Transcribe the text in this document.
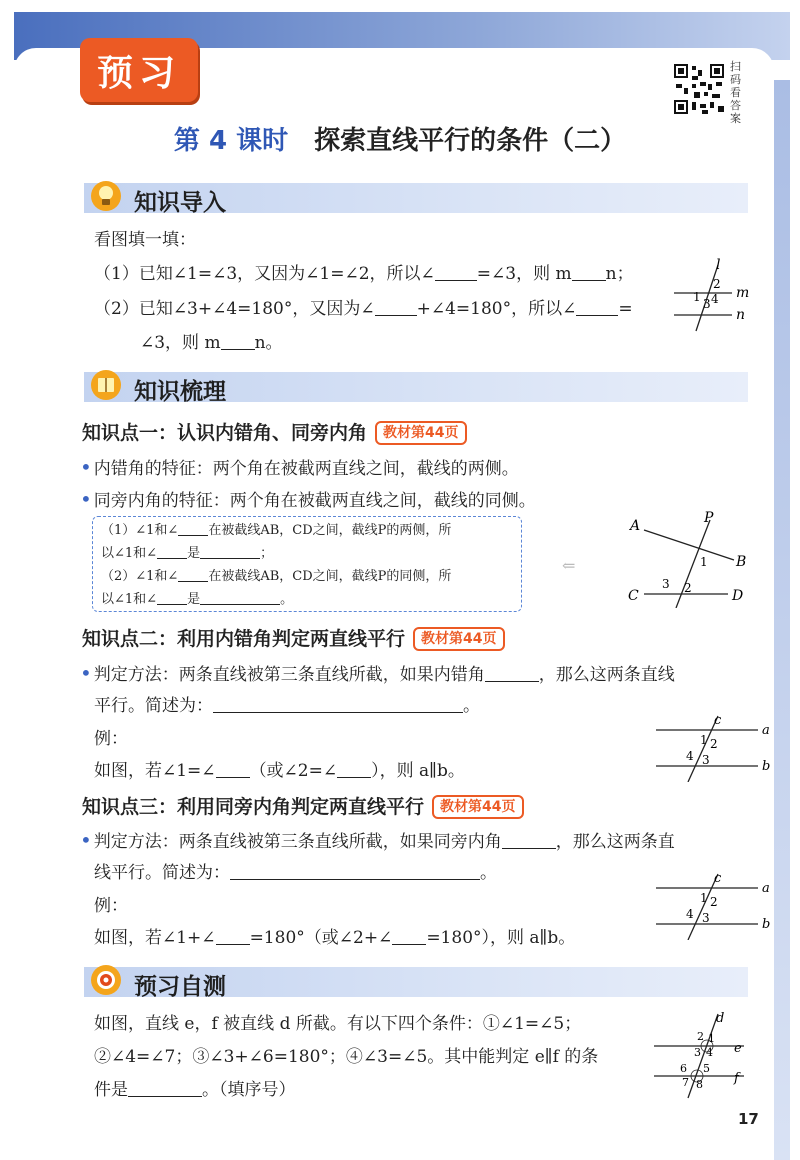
预习	扫码看答案
第 4 课时 探索直线平行的条件（二）
知识导入
看图填一填：
（1）已知∠1=∠3，又因为∠1=∠2，所以∠ =∠3，则 m n；
（2）已知∠3+∠4=180°，又因为∠ +∠4=180°，所以∠ =
∠3，则 m n。
l
m
n
2
1 3 4
知识梳理
知识点一：认识内错角、同旁内角 教材第44页
• 内错角的特征：两个角在被截两直线之间，截线的两侧。
• 同旁内角的特征：两个角在被截两直线之间，截线的同侧。
（1）∠1和∠ 在被截线AB，CD之间，截线P的两侧，所
以∠1和∠ 是	；
（2）∠1和∠ 在被截线AB，CD之间，截线P的同侧，所
以∠1和∠ 是	。
⇐
A
B
C	D
P
1
3 2
知识点二：利用内错角判定两直线平行 教材第44页
• 判定方法：两条直线被第三条直线所截，如果内错角	，那么这两条直线
平行。简述为：	。
例：
如图，若∠1=∠ （或∠2=∠ ），则 a∥b。
c
a
b
1 2
4 3
知识点三：利用同旁内角判定两直线平行 教材第44页
• 判定方法：两条直线被第三条直线所截，如果同旁内角	，那么这两条直
线平行。简述为：	。
例：
如图，若∠1+∠ =180°（或∠2+∠ =180°），则 a∥b。
c
a
b
1 2
4 3
预习自测
如图，直线 e，f 被直线 d 所截。有以下四个条件：①∠1=∠5；
②∠4=∠7；③∠3+∠6=180°；④∠3=∠5。其中能判定 e∥f 的条
件是	。（填序号）
d
e
f
2 1
3 4
6 5
7 8
17
